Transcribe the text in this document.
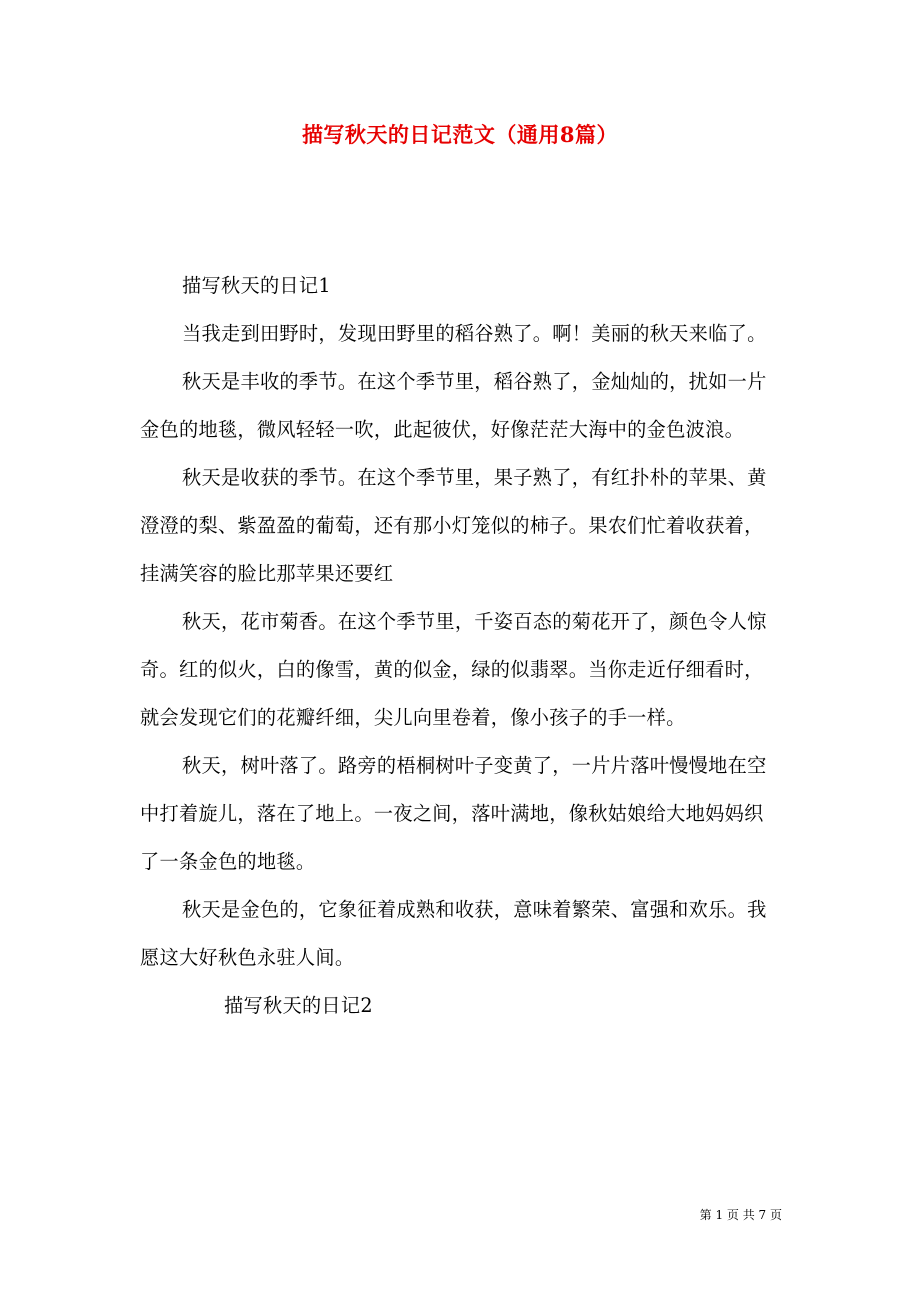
描写秋天的日记范文（通用8篇）

描写秋天的日记1

当我走到田野时，发现田野里的稻谷熟了。啊！美丽的秋天来临了。

秋天是丰收的季节。在这个季节里，稻谷熟了，金灿灿的，扰如一片金色的地毯，微风轻轻一吹，此起彼伏，好像茫茫大海中的金色波浪。

秋天是收获的季节。在这个季节里，果子熟了，有红扑朴的苹果、黄澄澄的梨、紫盈盈的葡萄，还有那小灯笼似的柿子。果农们忙着收获着，挂满笑容的脸比那苹果还要红

秋天，花市菊香。在这个季节里，千姿百态的菊花开了，颜色令人惊奇。红的似火，白的像雪，黄的似金，绿的似翡翠。当你走近仔细看时，就会发现它们的花瓣纤细，尖儿向里卷着，像小孩子的手一样。

秋天，树叶落了。路旁的梧桐树叶子变黄了，一片片落叶慢慢地在空中打着旋儿，落在了地上。一夜之间，落叶满地，像秋姑娘给大地妈妈织了一条金色的地毯。

秋天是金色的，它象征着成熟和收获，意味着繁荣、富强和欢乐。我愿这大好秋色永驻人间。

描写秋天的日记2

第 1 页 共 7 页
